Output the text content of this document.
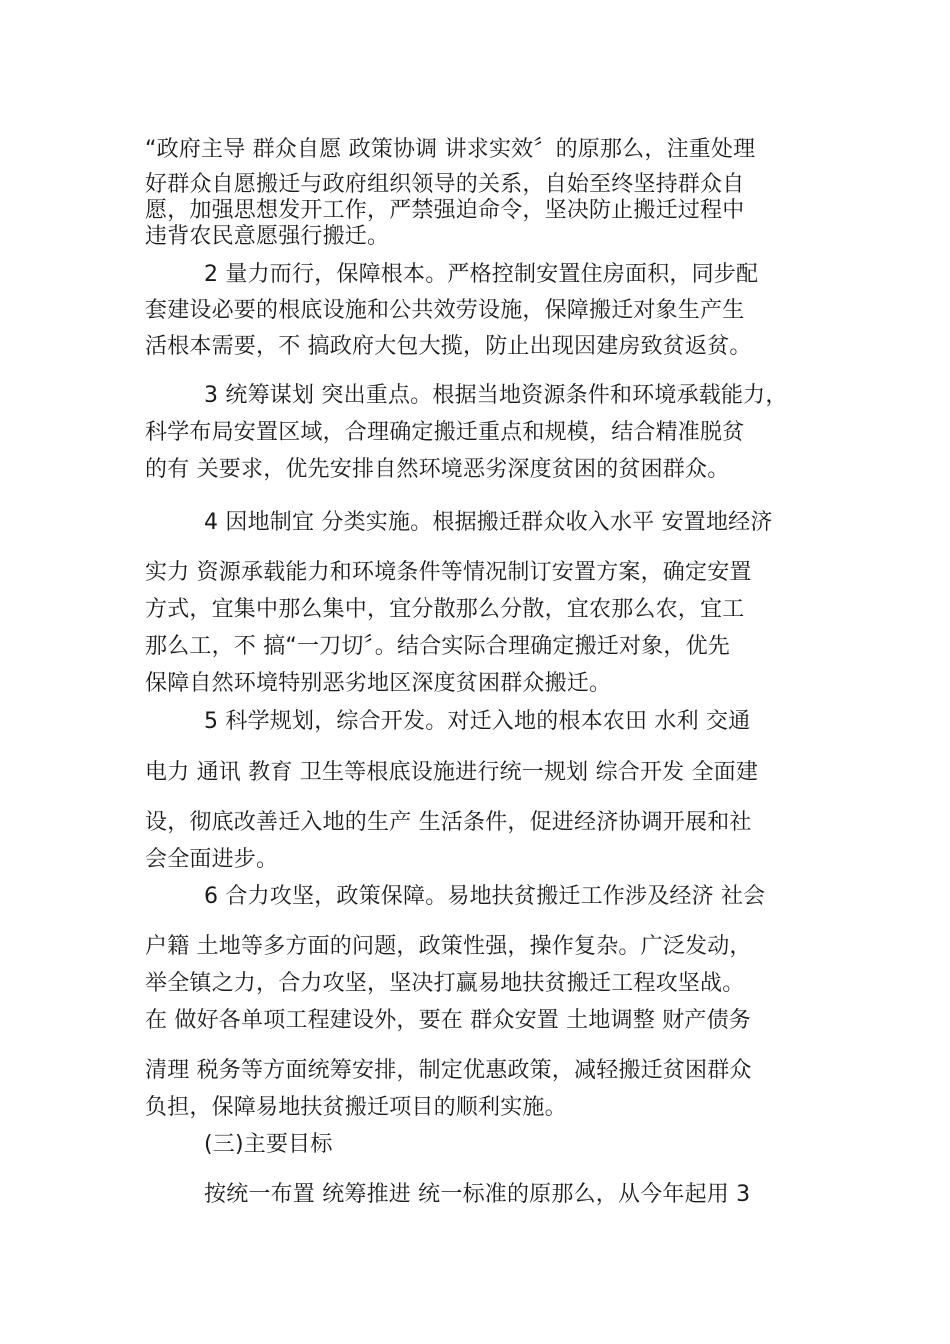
“政府主导 群众自愿 政策协调 讲求实效〞的原那么，注重处理
好群众自愿搬迁与政府组织领导的关系，自始至终坚持群众自
愿，加强思想发开工作，严禁强迫命令，坚决防止搬迁过程中
违背农民意愿强行搬迁。
2 量力而行，保障根本。严格控制安置住房面积，同步配
套建设必要的根底设施和公共效劳设施，保障搬迁对象生产生
活根本需要，不 搞政府大包大揽，防止出现因建房致贫返贫。
3 统筹谋划 突出重点。根据当地资源条件和环境承载能力，
科学布局安置区域，合理确定搬迁重点和规模，结合精准脱贫
的有 关要求，优先安排自然环境恶劣深度贫困的贫困群众。
4 因地制宜 分类实施。根据搬迁群众收入水平 安置地经济
实力 资源承载能力和环境条件等情况制订安置方案，确定安置
方式，宜集中那么集中，宜分散那么分散，宜农那么农，宜工
那么工，不 搞“一刀切〞。结合实际合理确定搬迁对象，优先
保障自然环境特别恶劣地区深度贫困群众搬迁。
5 科学规划，综合开发。对迁入地的根本农田 水利 交通
电力 通讯 教育 卫生等根底设施进行统一规划 综合开发 全面建
设，彻底改善迁入地的生产 生活条件，促进经济协调开展和社
会全面进步。
6 合力攻坚，政策保障。易地扶贫搬迁工作涉及经济 社会
户籍 土地等多方面的问题，政策性强，操作复杂。广泛发动，
举全镇之力，合力攻坚，坚决打赢易地扶贫搬迁工程攻坚战。
在 做好各单项工程建设外，要在 群众安置 土地调整 财产债务
清理 税务等方面统筹安排，制定优惠政策，减轻搬迁贫困群众
负担，保障易地扶贫搬迁项目的顺利实施。
(三)主要目标
按统一布置 统筹推进 统一标准的原那么，从今年起用 3
